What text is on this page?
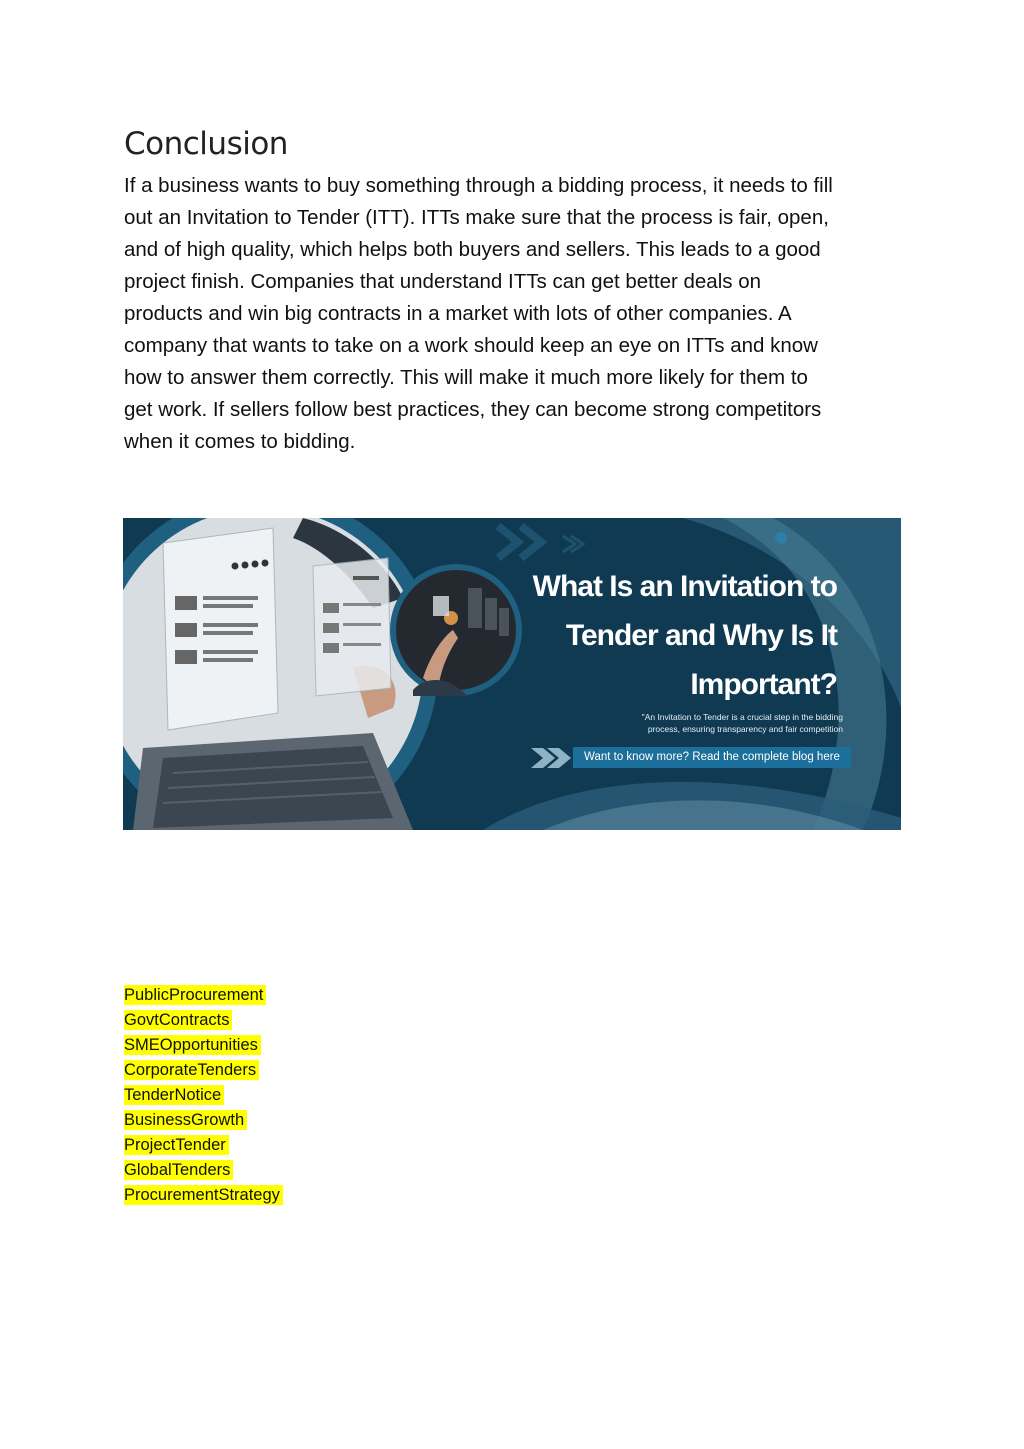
Conclusion
If a business wants to buy something through a bidding process, it needs to fill
out an Invitation to Tender (ITT). ITTs make sure that the process is fair, open,
and of high quality, which helps both buyers and sellers. This leads to a good
project finish. Companies that understand ITTs can get better deals on
products and win big contracts in a market with lots of other companies. A
company that wants to take on a work should keep an eye on ITTs and know
how to answer them correctly. This will make it much more likely for them to
get work. If sellers follow best practices, they can become strong competitors
when it comes to bidding.
What Is an Invitation to
Tender and Why Is It
Important?
"An Invitation to Tender is a crucial step in the bidding
process, ensuring transparency and fair competition
Want to know more? Read the complete blog here
PublicProcurement
GovtContracts
SMEOpportunities
CorporateTenders
TenderNotice
BusinessGrowth
ProjectTender
GlobalTenders
ProcurementStrategy
